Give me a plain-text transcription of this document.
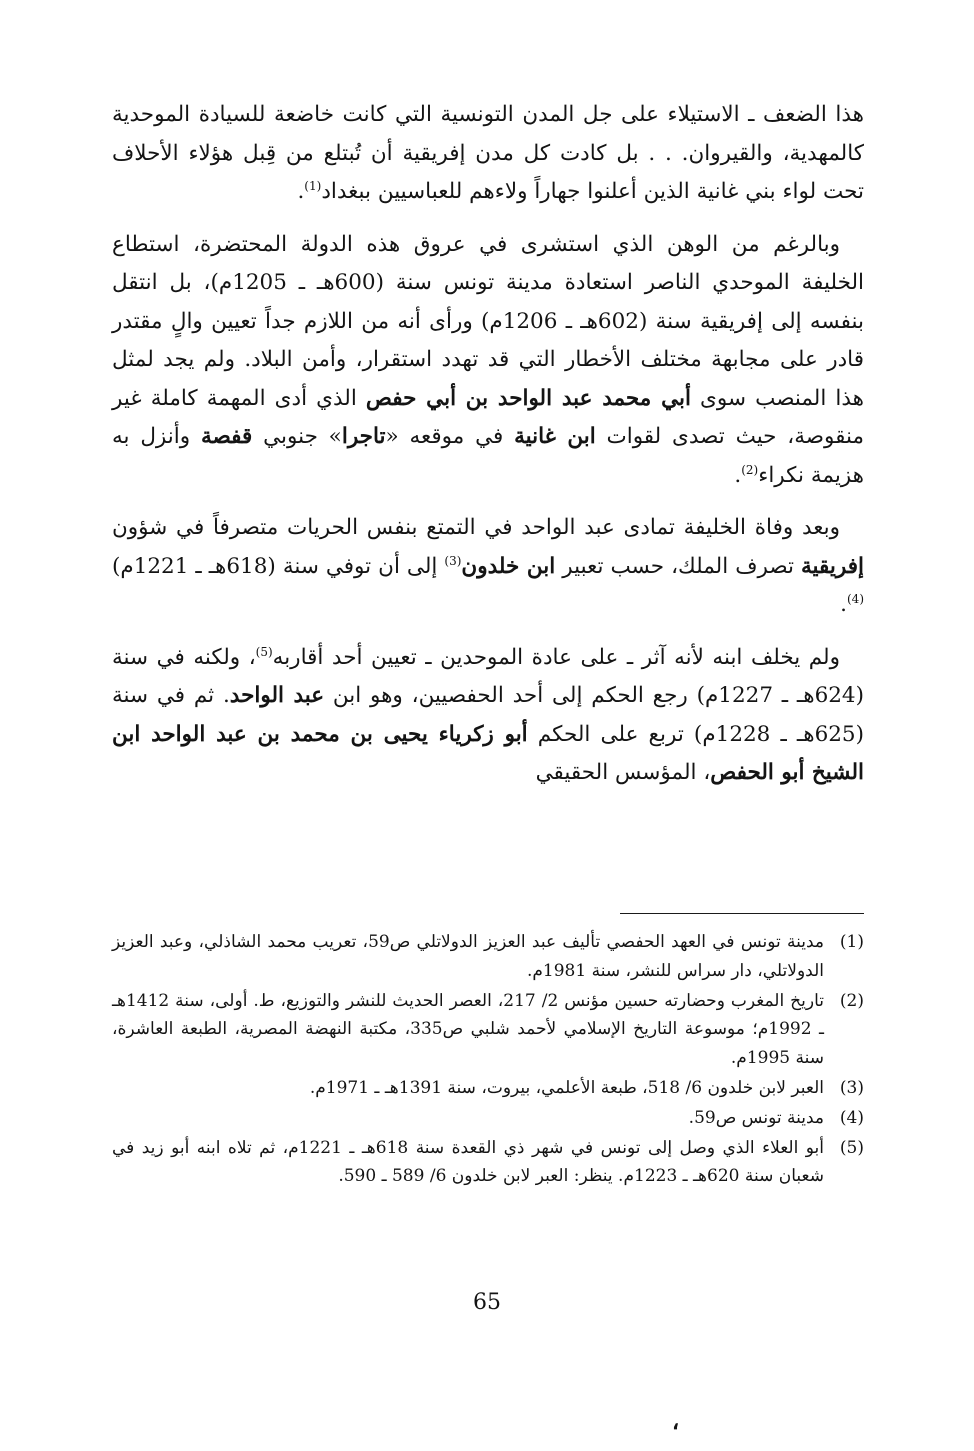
هذا الضعف ـ الاستيلاء على جل المدن التونسية التي كانت خاضعة للسيادة الموحدية كالمهدية، والقيروان. . . بل كادت كل مدن إفريقية أن تُبتلع من قِبل هؤلاء الأحلاف تحت لواء بني غانية الذين أعلنوا جهاراً ولاءهم للعباسيين ببغداد$^{(1)}$.

وبالرغم من الوهن الذي استشرى في عروق هذه الدولة المحتضرة، استطاع الخليفة الموحدي الناصر استعادة مدينة تونس سنة (600هـ ـ 1205م)، بل انتقل بنفسه إلى إفريقية سنة (602هـ ـ 1206م) ورأى أنه من اللازم جداً تعيين والٍ مقتدر قادر على مجابهة مختلف الأخطار التي قد تهدد استقرار، وأمن البلاد. ولم يجد لمثل هذا المنصب سوى أبي محمد عبد الواحد بن أبي حفص الذي أدى المهمة كاملة غير منقوصة، حيث تصدى لقوات ابن غانية في موقعه «تاجرا» جنوبي قفصة وأنزل به هزيمة نكراء$^{(2)}$.

وبعد وفاة الخليفة تمادى عبد الواحد في التمتع بنفس الحريات متصرفاً في شؤون إفريقية تصرف الملك، حسب تعبير ابن خلدون$^{(3)}$ إلى أن توفي سنة (618هـ ـ 1221م)$^{(4)}$.

ولم يخلف ابنه لأنه آثر ـ على عادة الموحدين ـ تعيين أحد أقاربه$^{(5)}$، ولكنه في سنة (624هـ ـ 1227م) رجع الحكم إلى أحد الحفصيين، وهو ابن عبد الواحد. ثم في سنة (625هـ ـ 1228م) تربع على الحكم أبو زكرياء يحيى بن محمد بن عبد الواحد ابن الشيخ أبو الحفص، المؤسس الحقيقي

(1)
مدينة تونس في العهد الحفصي تأليف عبد العزيز الدولاتلي ص59، تعريب محمد الشاذلي، وعبد العزيز الدولاتلي، دار سراس للنشر، سنة 1981م.
(2)
تاريخ المغرب وحضارته حسين مؤنس 2/ 217، العصر الحديث للنشر والتوزيع، ط. أولى، سنة 1412هـ ـ 1992م؛ موسوعة التاريخ الإسلامي لأحمد شلبي ص335، مكتبة النهضة المصرية، الطبعة العاشرة، سنة 1995م.
(3)
العبر لابن خلدون 6/ 518، طبعة الأعلمي، بيروت، سنة 1391هـ ـ 1971م.
(4)
مدينة تونس ص59.
(5)
أبو العلاء الذي وصل إلى تونس في شهر ذي القعدة سنة 618هـ ـ 1221م، ثم تلاه ابنه أبو زيد في شعبان سنة 620هـ ـ 1223م. ينظر: العبر لابن خلدون 6/ 589 ـ 590.
65
،
